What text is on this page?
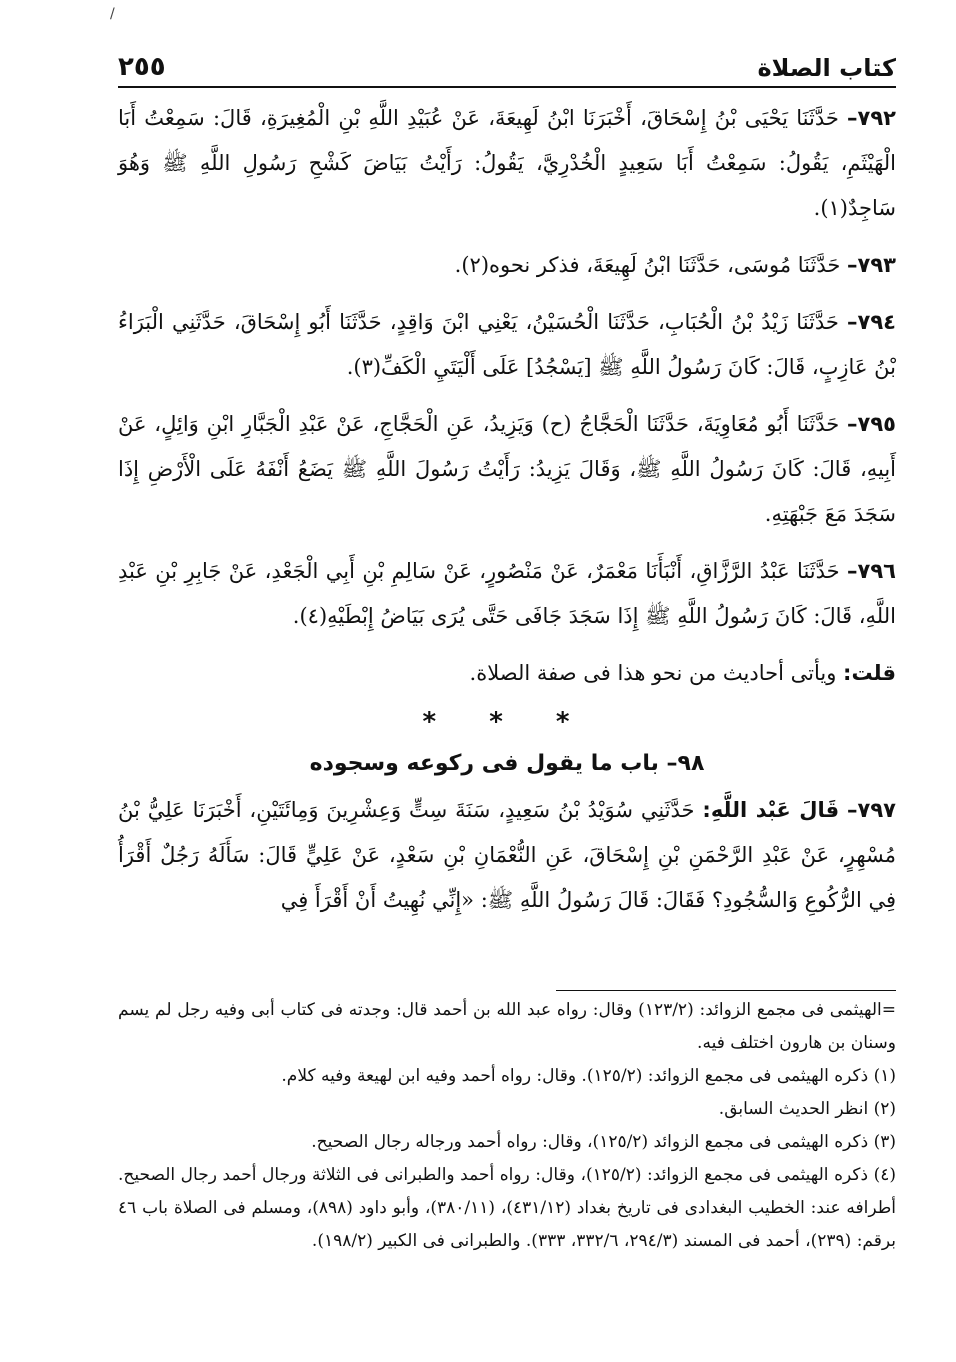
/
كتاب الصلاة
٢٥٥

٧٩٢– حَدَّثَنَا يَحْيَى بْنُ إِسْحَاقَ، أَخْبَرَنَا ابْنُ لَهِيعَةَ، عَنْ عُبَيْدِ اللَّهِ بْنِ الْمُغِيرَةِ، قَالَ: سَمِعْتُ أَبَا الْهَيْثَمِ، يَقُولُ: سَمِعْتُ أَبَا سَعِيدٍ الْخُدْرِيَّ، يَقُولُ: رَأَيْتُ بَيَاضَ كَشْحِ رَسُولِ اللَّهِ ﷺ وَهُوَ سَاجِدٌ(١).

٧٩٣– حَدَّثَنَا مُوسَى، حَدَّثَنَا ابْنُ لَهِيعَةَ، فذكر نحوه(٢).

٧٩٤– حَدَّثَنَا زَيْدُ بْنُ الْحُبَابِ، حَدَّثَنَا الْحُسَيْنُ، يَعْنِي ابْنَ وَاقِدٍ، حَدَّثَنَا أَبُو إِسْحَاقَ، حَدَّثَنِي الْبَرَاءُ بْنُ عَازِبٍ، قَالَ: كَانَ رَسُولُ اللَّهِ ﷺ [يَسْجُدُ] عَلَى أَلْيَتَيِ الْكَفِّ(٣).

٧٩٥– حَدَّثَنَا أَبُو مُعَاوِيَةَ، حَدَّثَنَا الْحَجَّاجُ (ح) وَيَزِيدُ، عَنِ الْحَجَّاجِ، عَنْ عَبْدِ الْجَبَّارِ ابْنِ وَائِلٍ، عَنْ أَبِيهِ، قَالَ: كَانَ رَسُولُ اللَّهِ ﷺ، وَقَالَ يَزِيدُ: رَأَيْتُ رَسُولَ اللَّهِ ﷺ يَضَعُ أَنْفَهُ عَلَى الْأَرْضِ إِذَا سَجَدَ مَعَ جَبْهَتِهِ.

٧٩٦– حَدَّثَنَا عَبْدُ الرَّزَّاقِ، أَنْبَأَنَا مَعْمَرٌ، عَنْ مَنْصُورٍ، عَنْ سَالِمِ بْنِ أَبِي الْجَعْدِ، عَنْ جَابِرِ بْنِ عَبْدِ اللَّهِ، قَالَ: كَانَ رَسُولُ اللَّهِ ﷺ إِذَا سَجَدَ جَافَى حَتَّى يُرَى بَيَاضُ إِبْطَيْهِ(٤).

قلت: ويأتى أحاديث من نحو هذا فى صفة الصلاة.

* * *

٩٨– باب ما يقول فى ركوعه وسجوده

٧٩٧– قَالَ عَبْد اللَّهِ: حَدَّثَنِي سُوَيْدُ بْنُ سَعِيدٍ، سَنَةَ سِتٍّ وَعِشْرِينَ وَمِائَتَيْنِ، أَخْبَرَنَا عَلِيُّ بْنُ مُسْهِرٍ، عَنْ عَبْدِ الرَّحْمَنِ بْنِ إِسْحَاقَ، عَنِ النُّعْمَانِ بْنِ سَعْدٍ، عَنْ عَلِيٍّ قَالَ: سَأَلَهُ رَجُلٌ أَقْرَأُ فِي الرُّكُوعِ وَالسُّجُودِ؟ فَقَالَ: قَالَ رَسُولُ اللَّهِ ﷺ: «إِنِّي نُهِيتُ أَنْ أَقْرَأَ فِي

=الهيثمى فى مجمع الزوائد: (١٢٣/٢) وقال: رواه عبد الله بن أحمد قال: وجدته فى كتاب أبى وفيه رجل لم يسم وسنان بن هارون اختلف فيه.

(١) ذكره الهيثمى فى مجمع الزوائد: (١٢٥/٢). وقال: رواه أحمد وفيه ابن لهيعة وفيه كلام.

(٢) انظر الحديث السابق.

(٣) ذكره الهيثمى فى مجمع الزوائد (١٢٥/٢)، وقال: رواه أحمد ورجاله رجال الصحيح.

(٤) ذكره الهيثمى فى مجمع الزوائد: (١٢٥/٢)، وقال: رواه أحمد والطبرانى فى الثلاثة ورجال أحمد رجال الصحيح. أطرافه عند: الخطيب البغدادى فى تاريخ بغداد (٤٣١/١٢)، (٣٨٠/١١)، وأبو داود (٨٩٨)، ومسلم فى الصلاة باب ٤٦ برقم: (٢٣٩)، أحمد فى المسند (٢٩٤/٣، ٣٣٢/٦، ٣٣٣). والطبرانى فى الكبير (١٩٨/٢).
